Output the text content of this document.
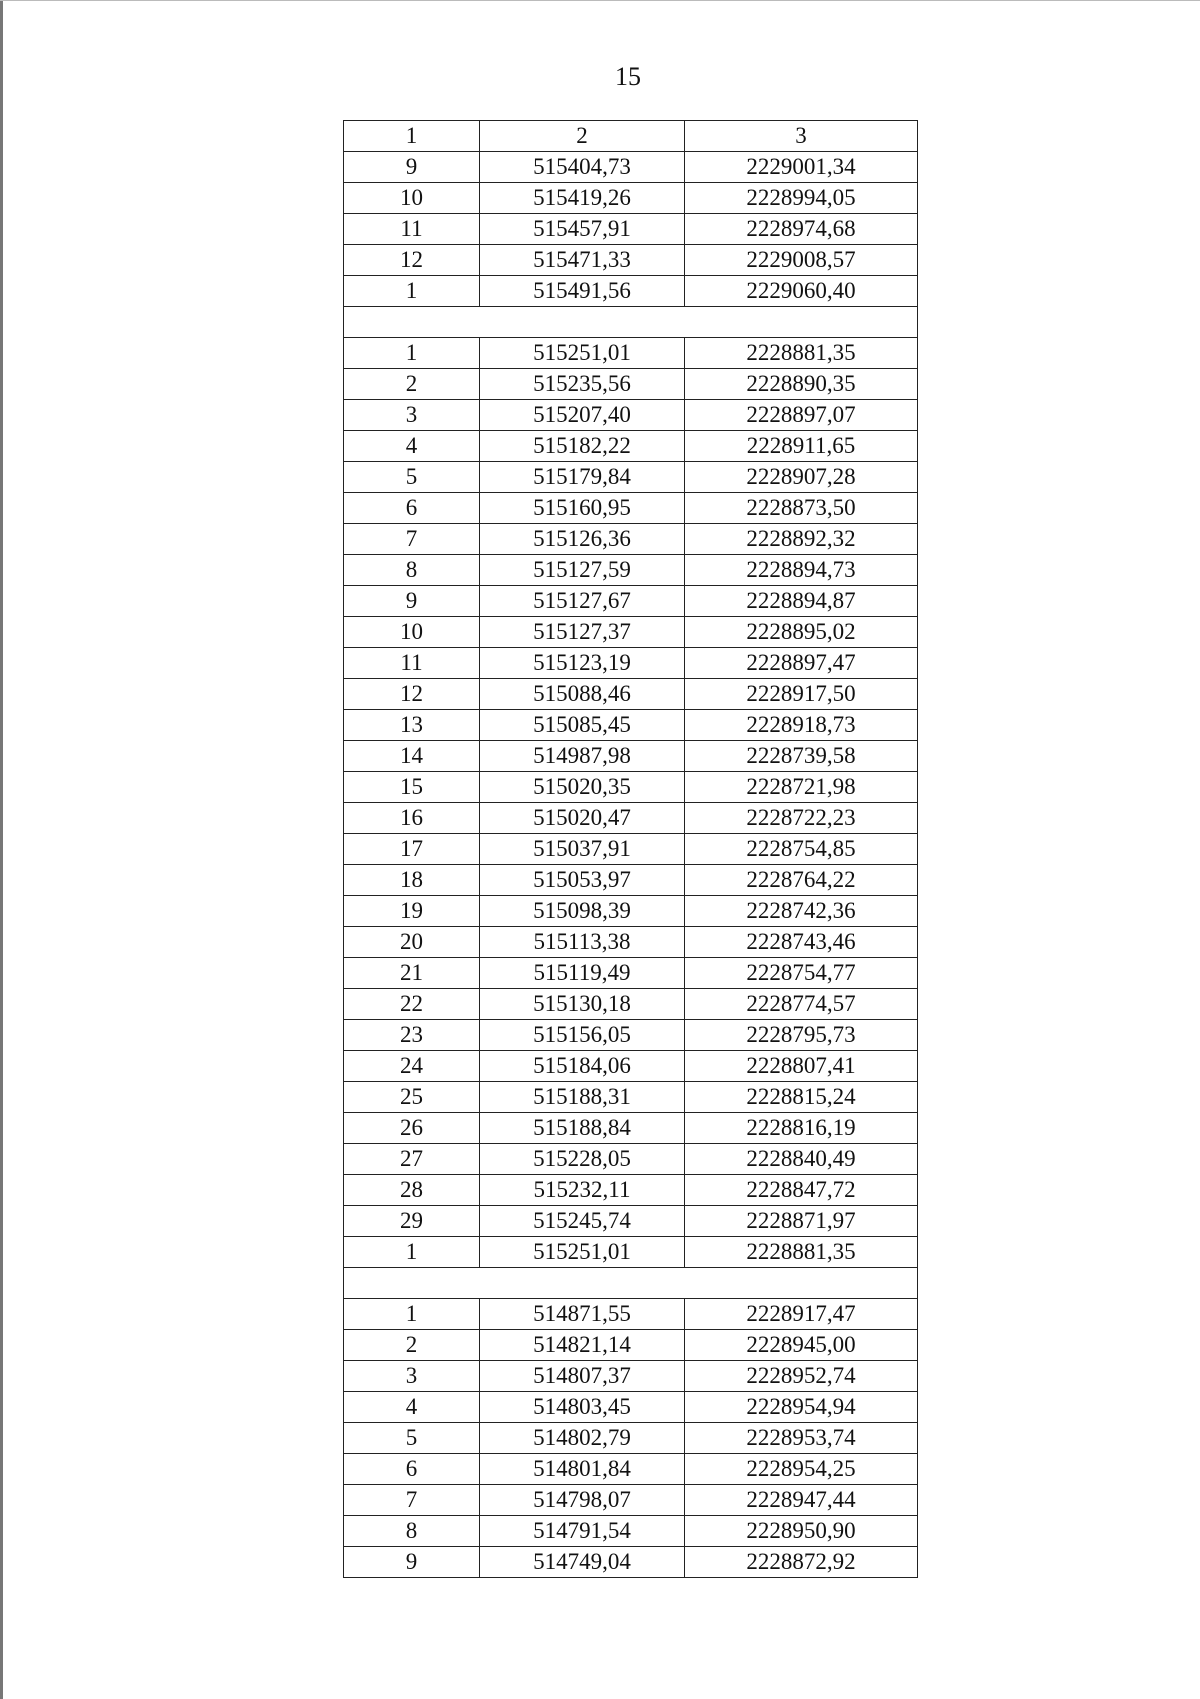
15
1	2	3
9	515404,73	2229001,34
10	515419,26	2228994,05
11	515457,91	2228974,68
12	515471,33	2229008,57
1	515491,56	2229060,40

1	515251,01	2228881,35
2	515235,56	2228890,35
3	515207,40	2228897,07
4	515182,22	2228911,65
5	515179,84	2228907,28
6	515160,95	2228873,50
7	515126,36	2228892,32
8	515127,59	2228894,73
9	515127,67	2228894,87
10	515127,37	2228895,02
11	515123,19	2228897,47
12	515088,46	2228917,50
13	515085,45	2228918,73
14	514987,98	2228739,58
15	515020,35	2228721,98
16	515020,47	2228722,23
17	515037,91	2228754,85
18	515053,97	2228764,22
19	515098,39	2228742,36
20	515113,38	2228743,46
21	515119,49	2228754,77
22	515130,18	2228774,57
23	515156,05	2228795,73
24	515184,06	2228807,41
25	515188,31	2228815,24
26	515188,84	2228816,19
27	515228,05	2228840,49
28	515232,11	2228847,72
29	515245,74	2228871,97
1	515251,01	2228881,35

1	514871,55	2228917,47
2	514821,14	2228945,00
3	514807,37	2228952,74
4	514803,45	2228954,94
5	514802,79	2228953,74
6	514801,84	2228954,25
7	514798,07	2228947,44
8	514791,54	2228950,90
9	514749,04	2228872,92
